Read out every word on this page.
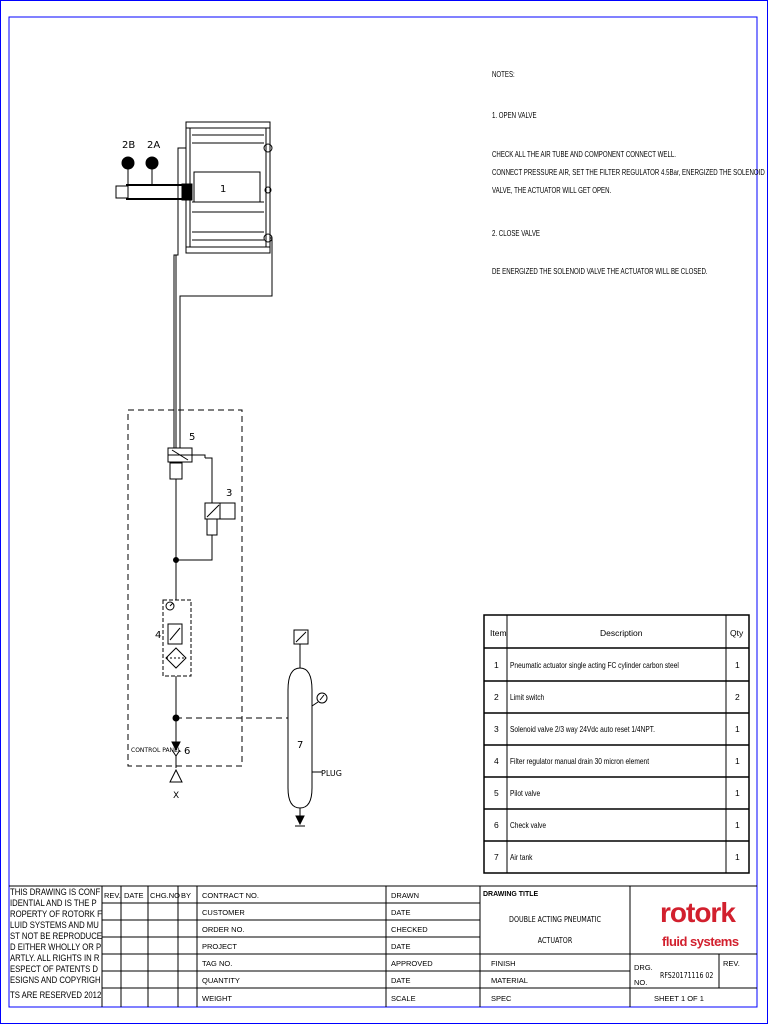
NOTES:
1. OPEN VALVE
CHECK ALL THE AIR TUBE AND COMPONENT CONNECT WELL.
CONNECT PRESSURE AIR, SET THE FILTER REGULATOR 4.5Bar, ENERGIZED THE SOLENOID
VALVE, THE ACTUATOR WILL GET OPEN.
2. CLOSE VALVE
DE ENERGIZED THE SOLENOID VALVE THE ACTUATOR WILL BE CLOSED.
1
2B 2A
5
3
4
6
X
CONTROL PANEL	7
PLUG
Item	Description	Qty
1 Pneumatic actuator single acting FC cylinder carbon steel	1
2 Limit switch	2
3 Solenoid valve 2/3 way 24Vdc auto reset 1/4NPT.	1
4 Filter regulator manual drain 30 micron element	1
5 Pilot valve	1
6 Check valve	1
7 Air tank	1
THIS DRAWING IS CONF
IDENTIAL AND IS THE P
ROPERTY OF ROTORK F
LUID SYSTEMS AND MU
ST NOT BE REPRODUCE
D EITHER WHOLLY OR P
ARTLY. ALL RIGHTS IN R
ESPECT OF PATENTS D
ESIGNS AND COPYRIGH
TS ARE RESERVED 2012
REV. DATE CHG.NO BY CONTRACT NO.
CUSTOMER
ORDER NO.
PROJECT
TAG NO.
QUANTITY
WEIGHT
DRAWN
DATE
CHECKED
DATE
APPROVED
DATE
SCALE
DRAWING TITLE
DOUBLE ACTING PNEUMATIC
ACTUATOR
FINISH
MATERIAL
SPEC
DRG.
NO.
RFS20171116 02
REV.
SHEET 1 OF 1
rotork
fluid systems
